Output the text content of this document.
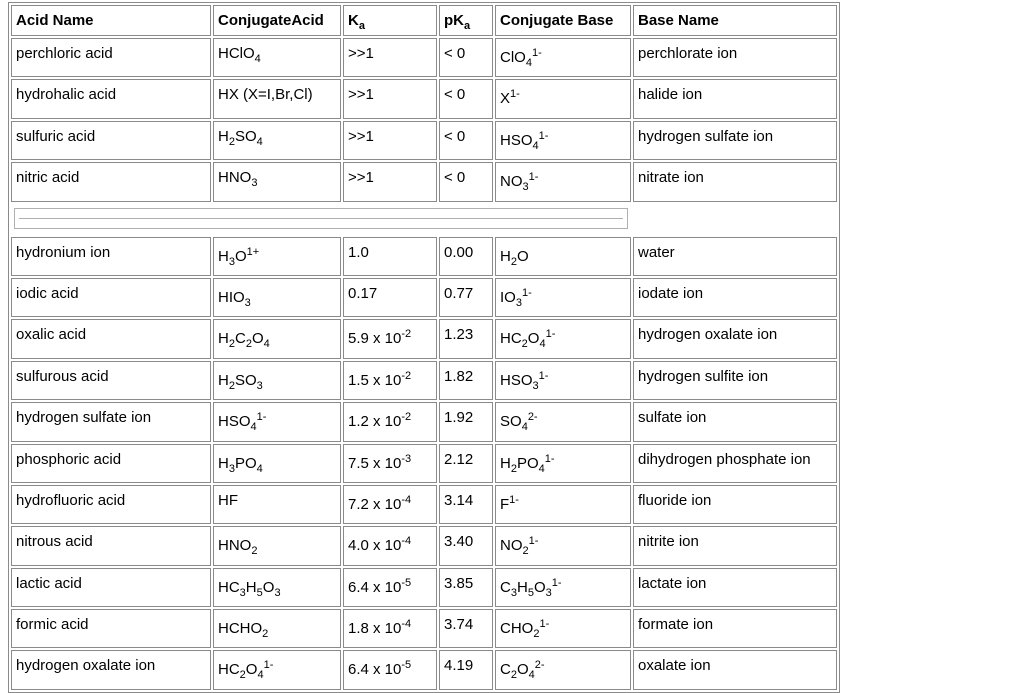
Acid Name	ConjugateAcid	$K_a$	$pK_a$	Conjugate Base	Base Name
perchloric acid	HClO$_4$	>>1	< 0	ClO$_4^{1-}$	perchlorate ion
hydrohalic acid	HX (X=I,Br,Cl)	>>1	< 0	$X^{1-}$	halide ion
sulfuric acid	$H_2SO_4$	>>1	< 0	$HSO_4^{1-}$	hydrogen sulfate ion
nitric acid	$HNO_3$	>>1	< 0	$NO_3^{1-}$	nitrate ion

hydronium ion	$H_3O^{1+}$	1.0	0.00	$H_2O$	water
iodic acid	$HIO_3$	0.17	0.77	$IO_3^{1-}$	iodate ion
oxalic acid	$H_2C_2O_4$	5.9 x $10^{-2}$	1.23	$HC_2O_4^{1-}$	hydrogen oxalate ion
sulfurous acid	$H_2SO_3$	1.5 x $10^{-2}$	1.82	$HSO_3^{1-}$	hydrogen sulfite ion
hydrogen sulfate ion	$HSO_4^{1-}$	1.2 x $10^{-2}$	1.92	$SO_4^{2-}$	sulfate ion
phosphoric acid	$H_3PO_4$	7.5 x $10^{-3}$	2.12	$H_2PO_4^{1-}$	dihydrogen phosphate ion
hydrofluoric acid	HF	7.2 x $10^{-4}$	3.14	$F^{1-}$	fluoride ion
nitrous acid	$HNO_2$	4.0 x $10^{-4}$	3.40	$NO_2^{1-}$	nitrite ion
lactic acid	$HC_3H_5O_3$	6.4 x $10^{-5}$	3.85	$C_3H_5O_3^{1-}$	lactate ion
formic acid	$HCHO_2$	1.8 x $10^{-4}$	3.74	$CHO_2^{1-}$	formate ion
hydrogen oxalate ion	$HC_2O_4^{1-}$	6.4 x $10^{-5}$	4.19	$C_2O_4^{2-}$	oxalate ion
